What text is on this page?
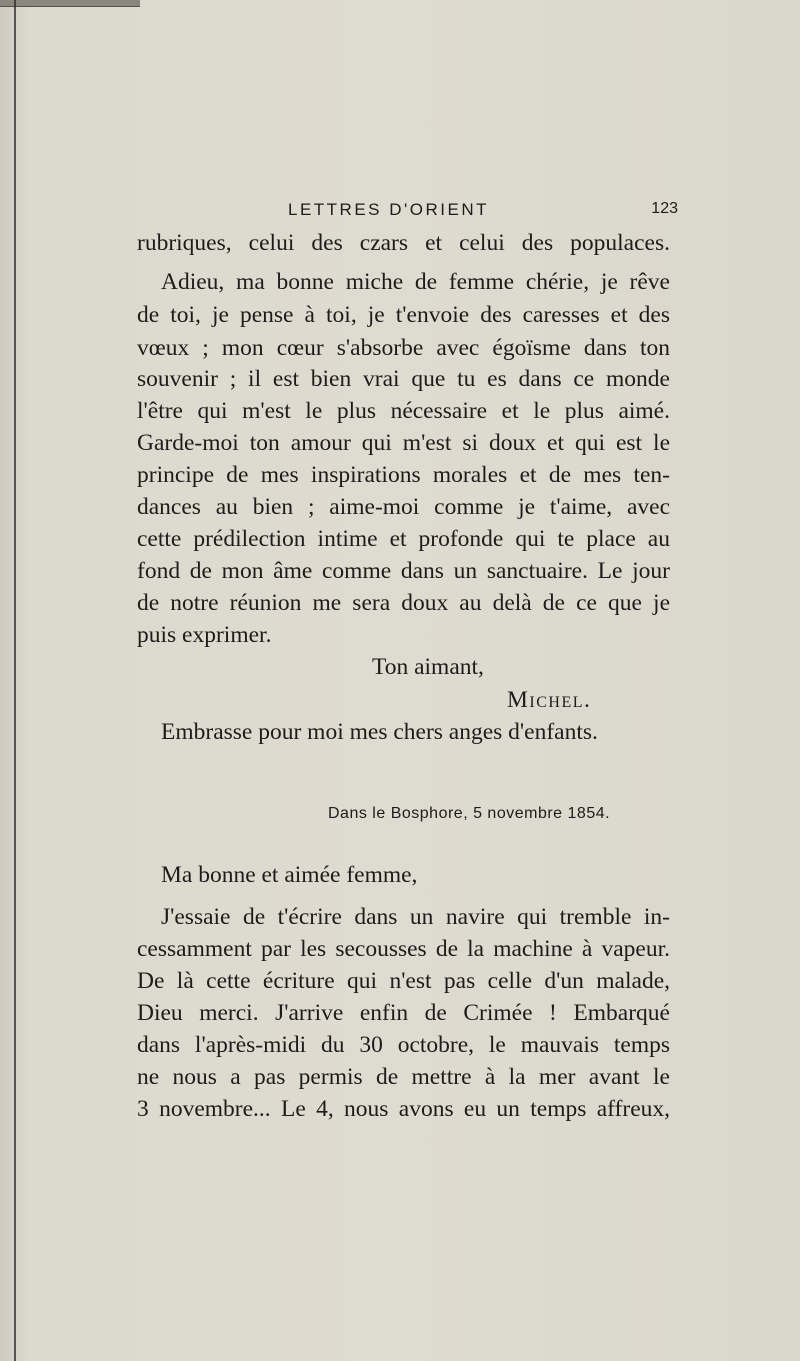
LETTRES D'ORIENT	123
rubriques, celui des czars et celui des populaces.
Adieu, ma bonne miche de femme chérie, je rêve
de toi, je pense à toi, je t'envoie des caresses et des
vœux ; mon cœur s'absorbe avec égoïsme dans ton
souvenir ; il est bien vrai que tu es dans ce monde
l'être qui m'est le plus nécessaire et le plus aimé.
Garde-moi ton amour qui m'est si doux et qui est le
principe de mes inspirations morales et de mes ten-
dances au bien ; aime-moi comme je t'aime, avec
cette prédilection intime et profonde qui te place au
fond de mon âme comme dans un sanctuaire. Le jour
de notre réunion me sera doux au delà de ce que je
puis exprimer.
Ton aimant,
Michel.
Embrasse pour moi mes chers anges d'enfants.
Ma bonne et aimée femme,
J'essaie de t'écrire dans un navire qui tremble in-
cessamment par les secousses de la machine à vapeur.
De là cette écriture qui n'est pas celle d'un malade,
Dieu merci. J'arrive enfin de Crimée ! Embarqué
dans l'après-midi du 30 octobre, le mauvais temps
ne nous a pas permis de mettre à la mer avant le
3 novembre... Le 4, nous avons eu un temps affreux,
Dans le Bosphore, 5 novembre 1854.
